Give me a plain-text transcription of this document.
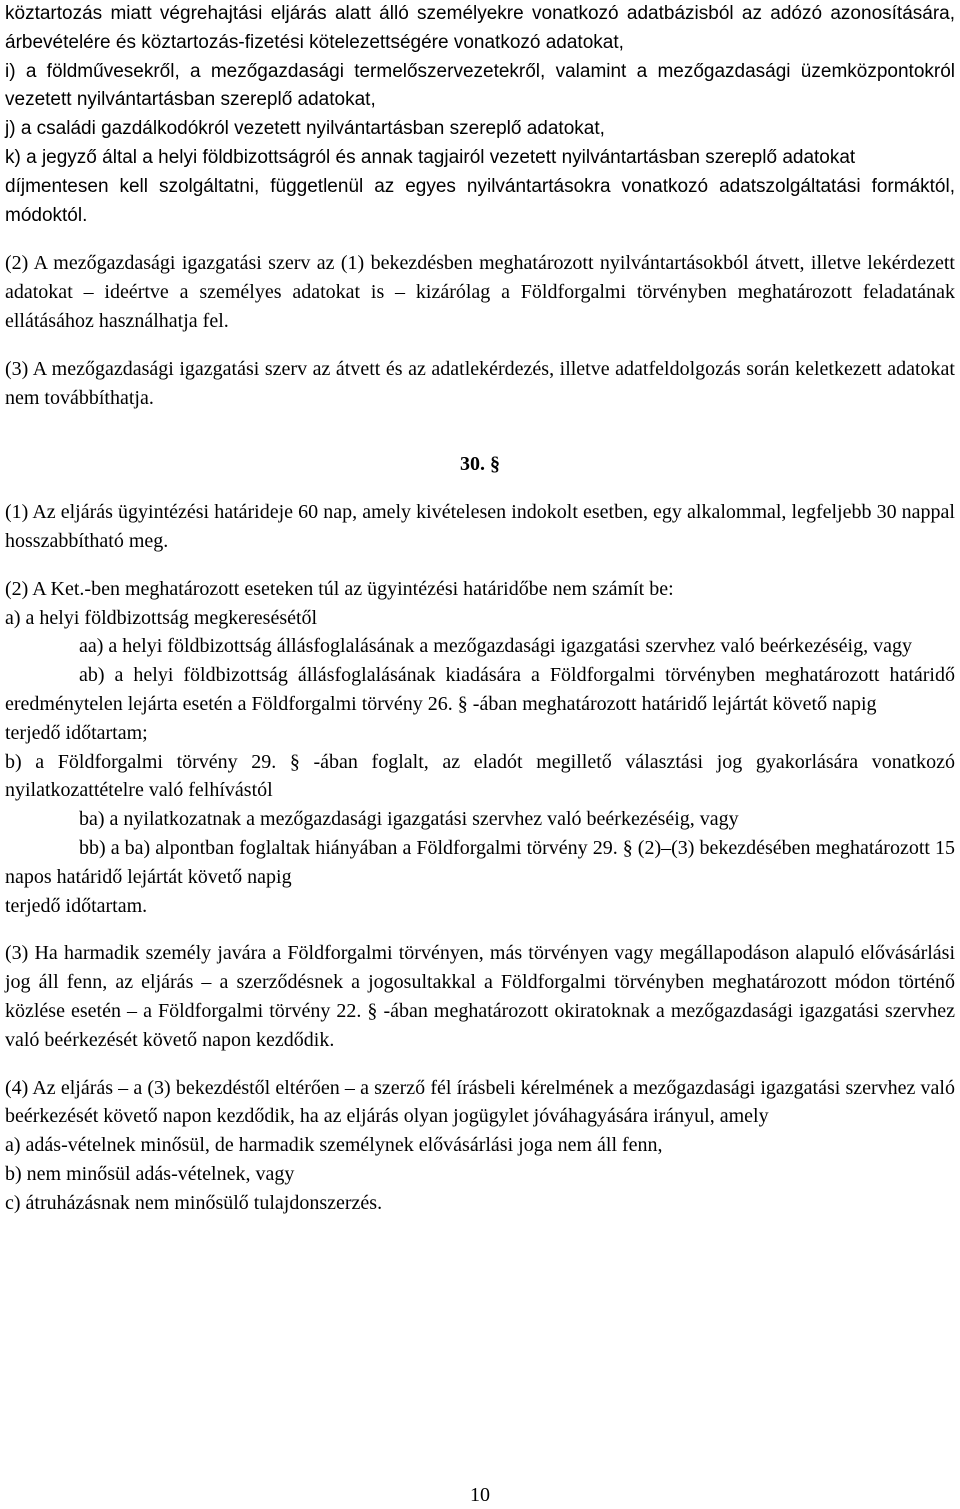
köztartozás miatt végrehajtási eljárás alatt álló személyekre vonatkozó adatbázisból az adózó azonosítására, árbevételére és köztartozás-fizetési kötelezettségére vonatkozó adatokat,

i) a földművesekről, a mezőgazdasági termelőszervezetekről, valamint a mezőgazdasági üzemközpontokról vezetett nyilvántartásban szereplő adatokat,

j) a családi gazdálkodókról vezetett nyilvántartásban szereplő adatokat,

k) a jegyző által a helyi földbizottságról és annak tagjairól vezetett nyilvántartásban szereplő adatokat

díjmentesen kell szolgáltatni, függetlenül az egyes nyilvántartásokra vonatkozó adatszolgáltatási formáktól, módoktól.

(2) A mezőgazdasági igazgatási szerv az (1) bekezdésben meghatározott nyilvántartásokból átvett, illetve lekérdezett adatokat – ideértve a személyes adatokat is – kizárólag a Földforgalmi törvényben meghatározott feladatának ellátásához használhatja fel.

(3) A mezőgazdasági igazgatási szerv az átvett és az adatlekérdezés, illetve adatfeldolgozás során keletkezett adatokat nem továbbíthatja.

30. §

(1) Az eljárás ügyintézési határideje 60 nap, amely kivételesen indokolt esetben, egy alkalommal, legfeljebb 30 nappal hosszabbítható meg.

(2) A Ket.-ben meghatározott eseteken túl az ügyintézési határidőbe nem számít be:

a) a helyi földbizottság megkeresésétől

aa) a helyi földbizottság állásfoglalásának a mezőgazdasági igazgatási szervhez való beérkezéséig, vagy

ab) a helyi földbizottság állásfoglalásának kiadására a Földforgalmi törvényben meghatározott határidő eredménytelen lejárta esetén a Földforgalmi törvény 26. § -ában meghatározott határidő lejártát követő napig

terjedő időtartam;

b) a Földforgalmi törvény 29. § -ában foglalt, az eladót megillető választási jog gyakorlására vonatkozó nyilatkozattételre való felhívástól

ba) a nyilatkozatnak a mezőgazdasági igazgatási szervhez való beérkezéséig, vagy

bb) a ba) alpontban foglaltak hiányában a Földforgalmi törvény 29. § (2)–(3) bekezdésében meghatározott 15 napos határidő lejártát követő napig

terjedő időtartam.

(3) Ha harmadik személy javára a Földforgalmi törvényen, más törvényen vagy megállapodáson alapuló elővásárlási jog áll fenn, az eljárás – a szerződésnek a jogosultakkal a Földforgalmi törvényben meghatározott módon történő közlése esetén – a Földforgalmi törvény 22. § -ában meghatározott okiratoknak a mezőgazdasági igazgatási szervhez való beérkezését követő napon kezdődik.

(4) Az eljárás – a (3) bekezdéstől eltérően – a szerző fél írásbeli kérelmének a mezőgazdasági igazgatási szervhez való beérkezését követő napon kezdődik, ha az eljárás olyan jogügylet jóváhagyására irányul, amely

a) adás-vételnek minősül, de harmadik személynek elővásárlási joga nem áll fenn,

b) nem minősül adás-vételnek, vagy

c) átruházásnak nem minősülő tulajdonszerzés.

10
